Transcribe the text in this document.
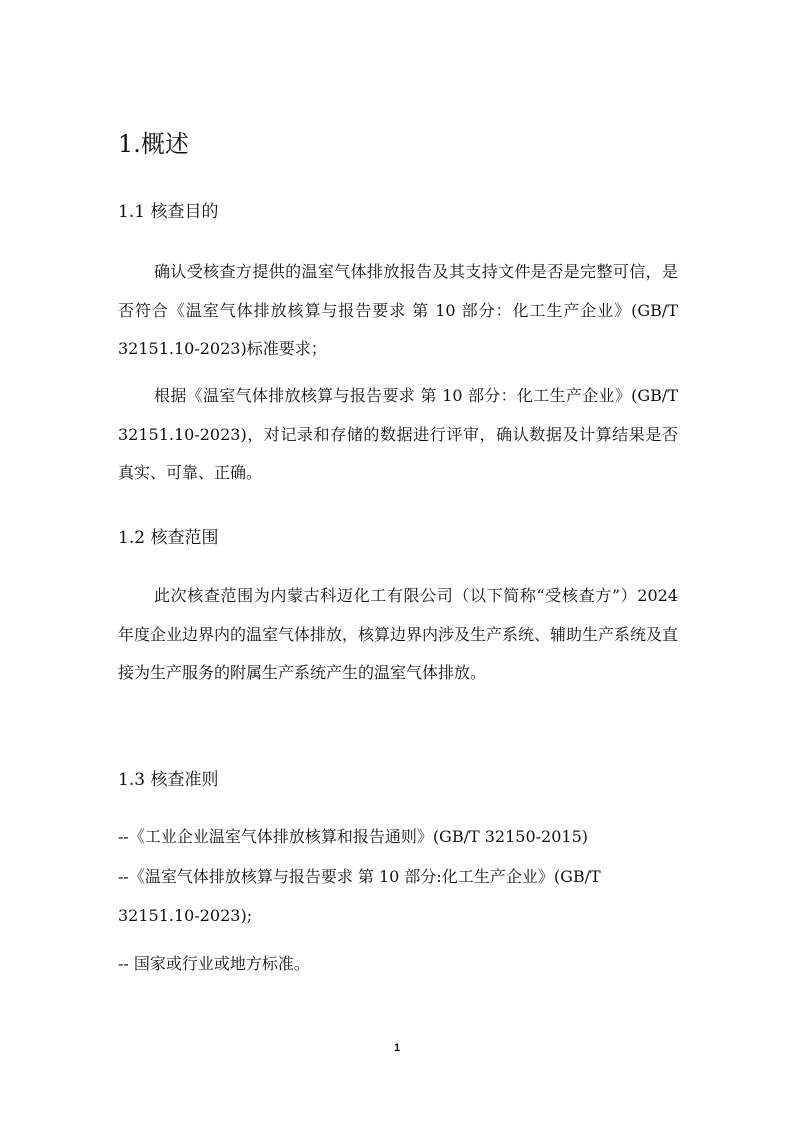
1.概述
1.1 核查目的

确认受核查方提供的温室气体排放报告及其支持文件是否是完整可信，是否符合《温室气体排放核算与报告要求 第 10 部分：化工生产企业》(GB/T 32151.10-2023)标准要求；

根据《温室气体排放核算与报告要求 第 10 部分：化工生产企业》(GB/T 32151.10-2023)，对记录和存储的数据进行评审，确认数据及计算结果是否真实、可靠、正确。

1.2 核查范围

此次核查范围为内蒙古科迈化工有限公司（以下简称“受核查方”）2024 年度企业边界内的温室气体排放，核算边界内涉及生产系统、辅助生产系统及直接为生产服务的附属生产系统产生的温室气体排放。

1.3 核查准则

--《工业企业温室气体排放核算和报告通则》(GB/T 32150-2015)

--《温室气体排放核算与报告要求 第 10 部分:化工生产企业》(GB/T 32151.10-2023);

-- 国家或行业或地方标准。

1
